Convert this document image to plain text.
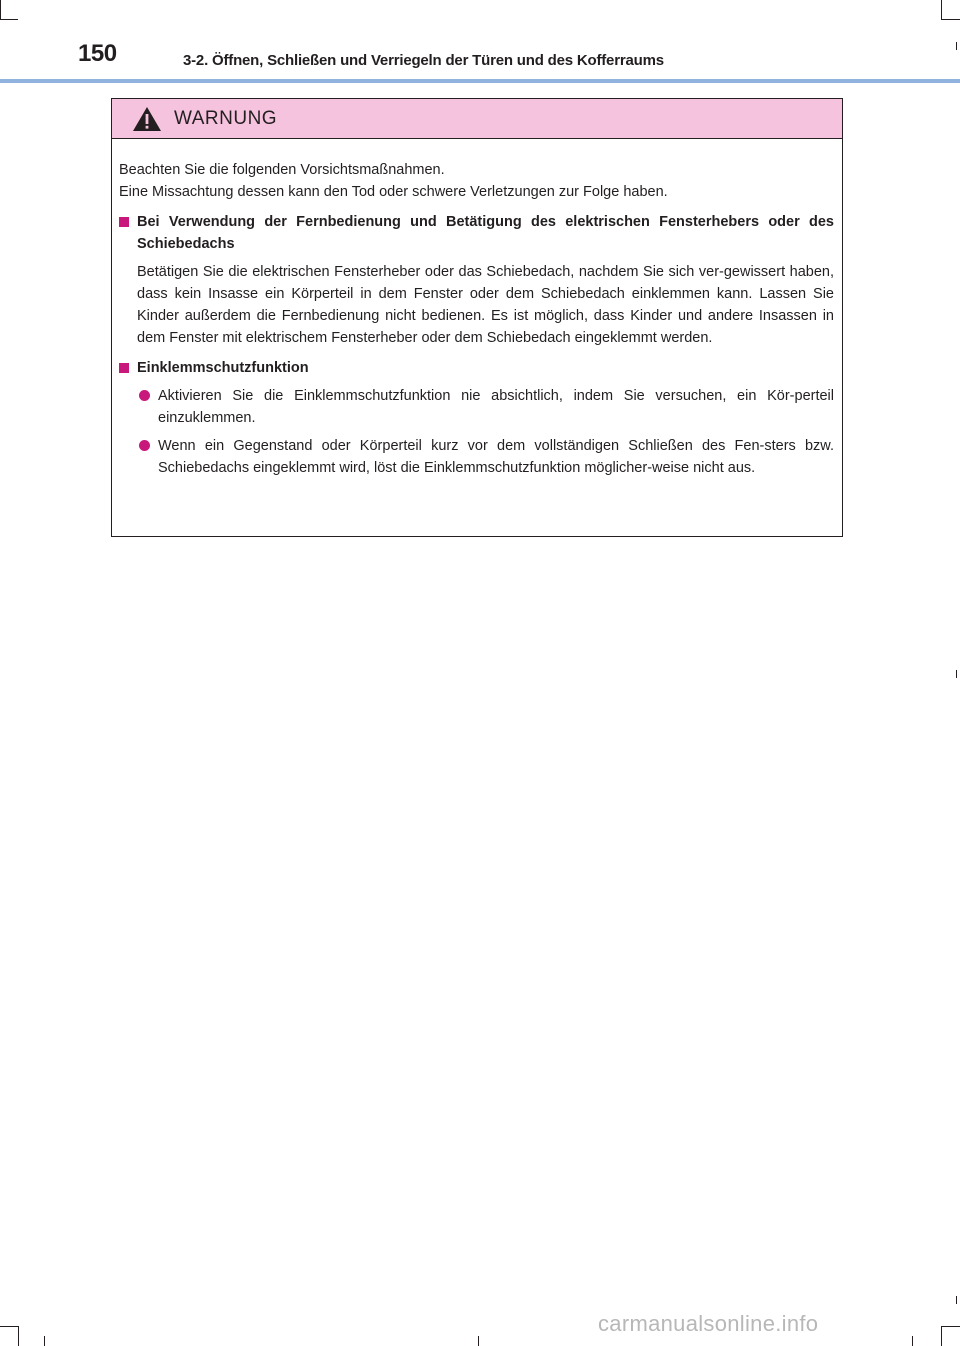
150	3-2. Öffnen, Schließen und Verriegeln der Türen und des Kofferraums
WARNUNG

Beachten Sie die folgenden Vorsichtsmaßnahmen.

Eine Missachtung dessen kann den Tod oder schwere Verletzungen zur Folge haben.

Bei Verwendung der Fernbedienung und Betätigung des elektrischen Fensterhebers oder des Schiebedachs
Betätigen Sie die elektrischen Fensterheber oder das Schiebedach, nachdem Sie sich ver-gewissert haben, dass kein Insasse ein Körperteil in dem Fenster oder dem Schiebedach einklemmen kann. Lassen Sie Kinder außerdem die Fernbedienung nicht bedienen. Es ist möglich, dass Kinder und andere Insassen in dem Fenster mit elektrischem Fensterheber oder dem Schiebedach eingeklemmt werden.
Einklemmschutzfunktion
Aktivieren Sie die Einklemmschutzfunktion nie absichtlich, indem Sie versuchen, ein Kör-perteil einzuklemmen.
Wenn ein Gegenstand oder Körperteil kurz vor dem vollständigen Schließen des Fen-sters bzw. Schiebedachs eingeklemmt wird, löst die Einklemmschutzfunktion möglicher-weise nicht aus.
carmanualsonline.info
